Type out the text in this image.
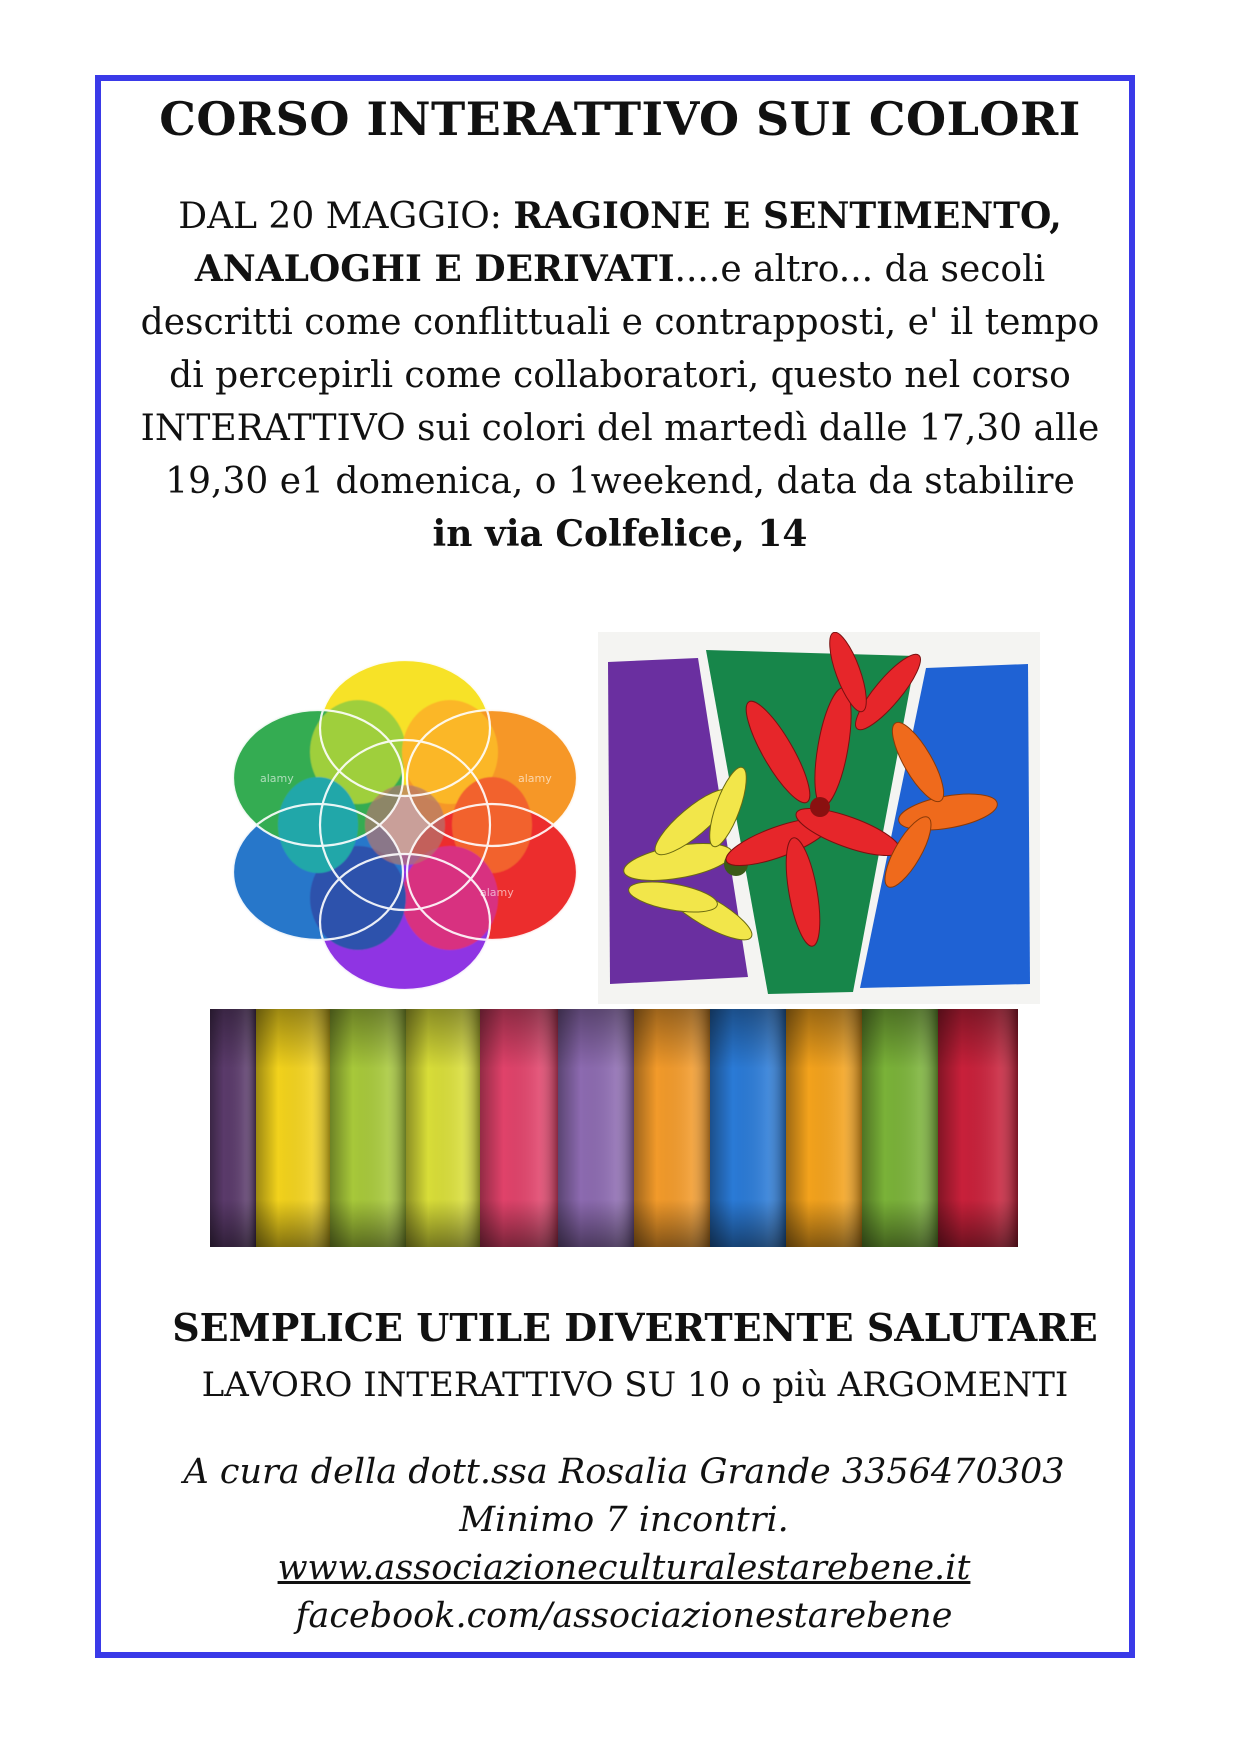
CORSO INTERATTIVO SUI COLORI
DAL 20 MAGGIO: RAGIONE E SENTIMENTO,
ANALOGHI E DERIVATI....e altro... da secoli
descritti come conflittuali e contrapposti, e' il tempo
di percepirli come collaboratori, questo nel corso
INTERATTIVO sui colori del martedì dalle 17,30 alle
19,30 e1 domenica, o 1weekend, data da stabilire
in via Colfelice, 14
alamy	alamy
alamy
SEMPLICE UTILE DIVERTENTE SALUTARE
LAVORO INTERATTIVO SU 10 o più ARGOMENTI
A cura della dott.ssa Rosalia Grande 3356470303
Minimo 7 incontri.
www.associazioneculturalestarebene.it
facebook.com/associazionestarebene
